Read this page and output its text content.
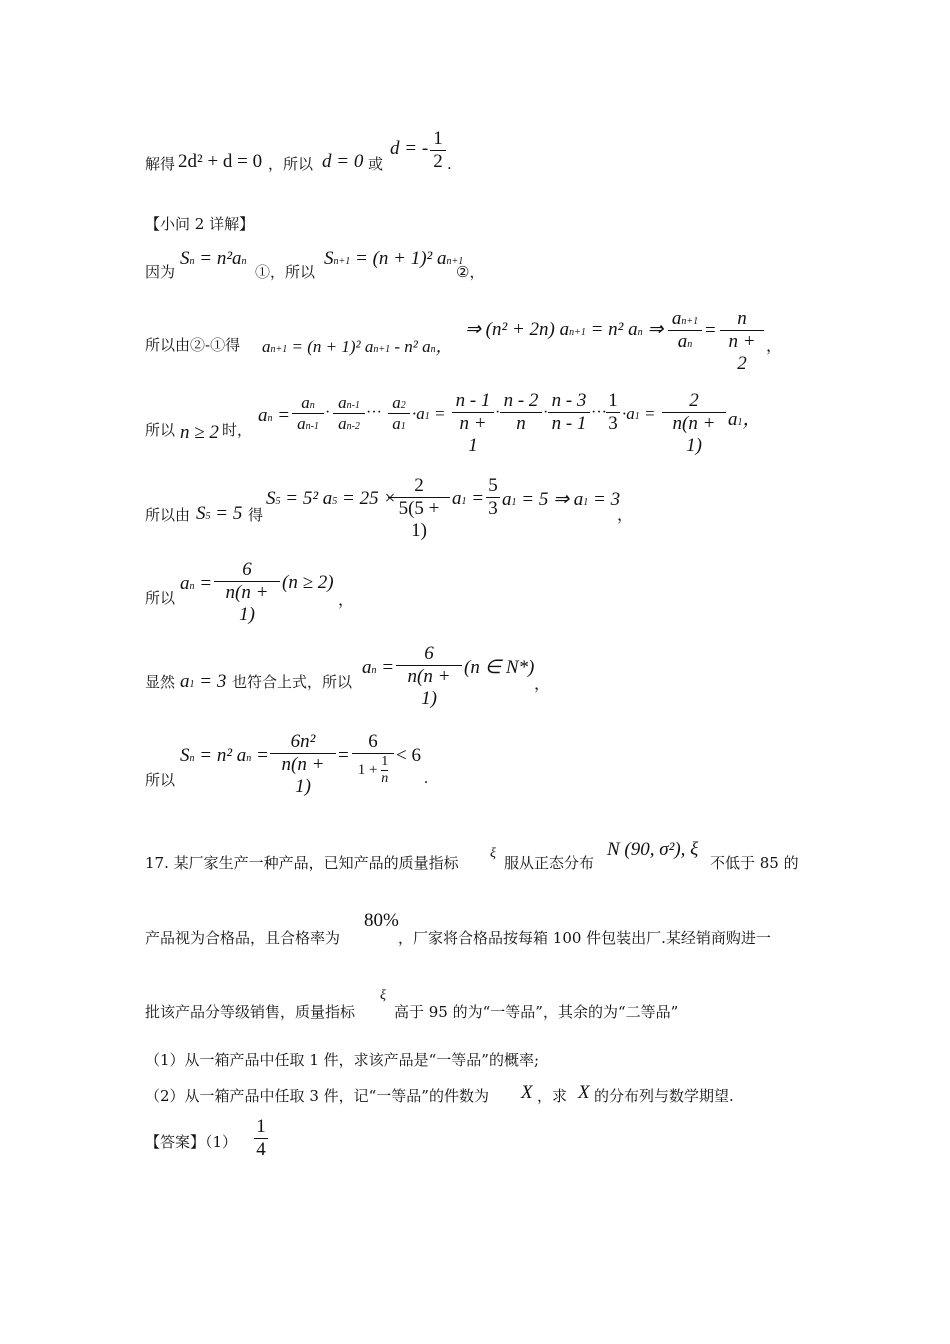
解得 2d² + d = 0 ，所以 d = 0 或
d = - 1
2 .
【小问 2 详解】
因为
Sn = n²an
①，所以
Sn+1 = (n + 1)² an+1
②，
所以由②-①得 an+1 = (n + 1)² an+1 - n² an，
⇒ (n² + 2n) an+1 = n² an ⇒
an+1
an
=
n
n + 2
，
所以 n ≥ 2 时，
an =
an
an-1
·
an-1
an-2
···
a2
a1
·a1 =
n - 1
n + 1
·
n - 2
n
·
n - 3
n - 1
···
1
3 ·a1 =
2
n(n + 1)
a1，
所以由 S5 = 5 得
S5 = 5² a5 = 25 ×
2
5(5 + 1)
a1 =
5
3 a1 = 5 ⇒ a1 = 3
，
所以
an =
6
n(n + 1)
(n ≥ 2)
，
显然 a1 = 3 也符合上式，所以
an =
6
n(n + 1)
(n ∈ N*)
，
所以
Sn = n² an =
6n²
n(n + 1)
=
6
$1 + \frac{1}{n} < 6$
.
17. 某厂家生产一种产品，已知产品的质量指标
ξ
服从正态分布
N (90, σ²), ξ
不低于 85 的
产品视为合格品，且合格率为
80%
，厂家将合格品按每箱 100 件包装出厂.某经销商购进一
批该产品分等级销售，质量指标
ξ
高于 95 的为“一等品”，其余的为“二等品”
（1）从一箱产品中任取 1 件，求该产品是“一等品”的概率;
（2）从一箱产品中任取 3 件，记“一等品”的件数为 X ，求 X 的分布列与数学期望.
【答案】（1）
1
4
